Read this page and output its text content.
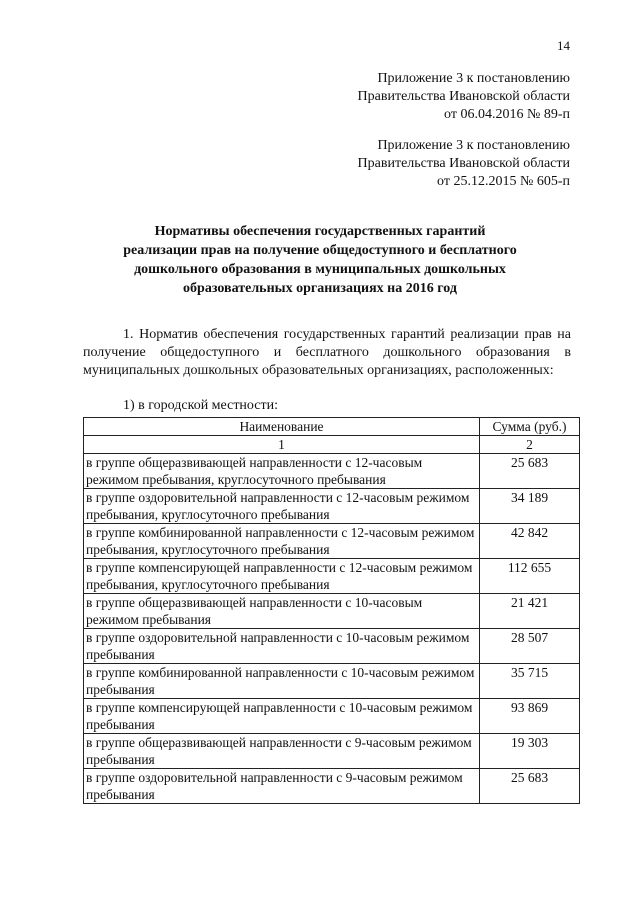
14
Приложение 3 к постановлению
Правительства Ивановской области
от 06.04.2016 № 89-п
Приложение 3 к постановлению
Правительства Ивановской области
от 25.12.2015 № 605-п
Нормативы обеспечения государственных гарантий
реализации прав на получение общедоступного и бесплатного
дошкольного образования в муниципальных дошкольных
образовательных организациях на 2016 год
1. Норматив обеспечения государственных гарантий реализации прав на получение общедоступного и бесплатного дошкольного образования в муниципальных дошкольных образовательных организациях, расположенных:
1) в городской местности:
Наименование	Сумма (руб.)
1	2
в группе общеразвивающей направленности с 12-часовым режимом пребывания, круглосуточного пребывания	25 683
в группе оздоровительной направленности с 12-часовым режимом пребывания, круглосуточного пребывания	34 189
в группе комбинированной направленности с 12-часовым режимом пребывания, круглосуточного пребывания	42 842
в группе компенсирующей направленности с 12-часовым режимом пребывания, круглосуточного пребывания	112 655
в группе общеразвивающей направленности с 10-часовым режимом пребывания	21 421
в группе оздоровительной направленности с 10-часовым режимом пребывания	28 507
в группе комбинированной направленности с 10-часовым режимом пребывания	35 715
в группе компенсирующей направленности с 10-часовым режимом пребывания	93 869
в группе общеразвивающей направленности с 9-часовым режимом пребывания	19 303
в группе оздоровительной направленности с 9-часовым режимом пребывания	25 683
